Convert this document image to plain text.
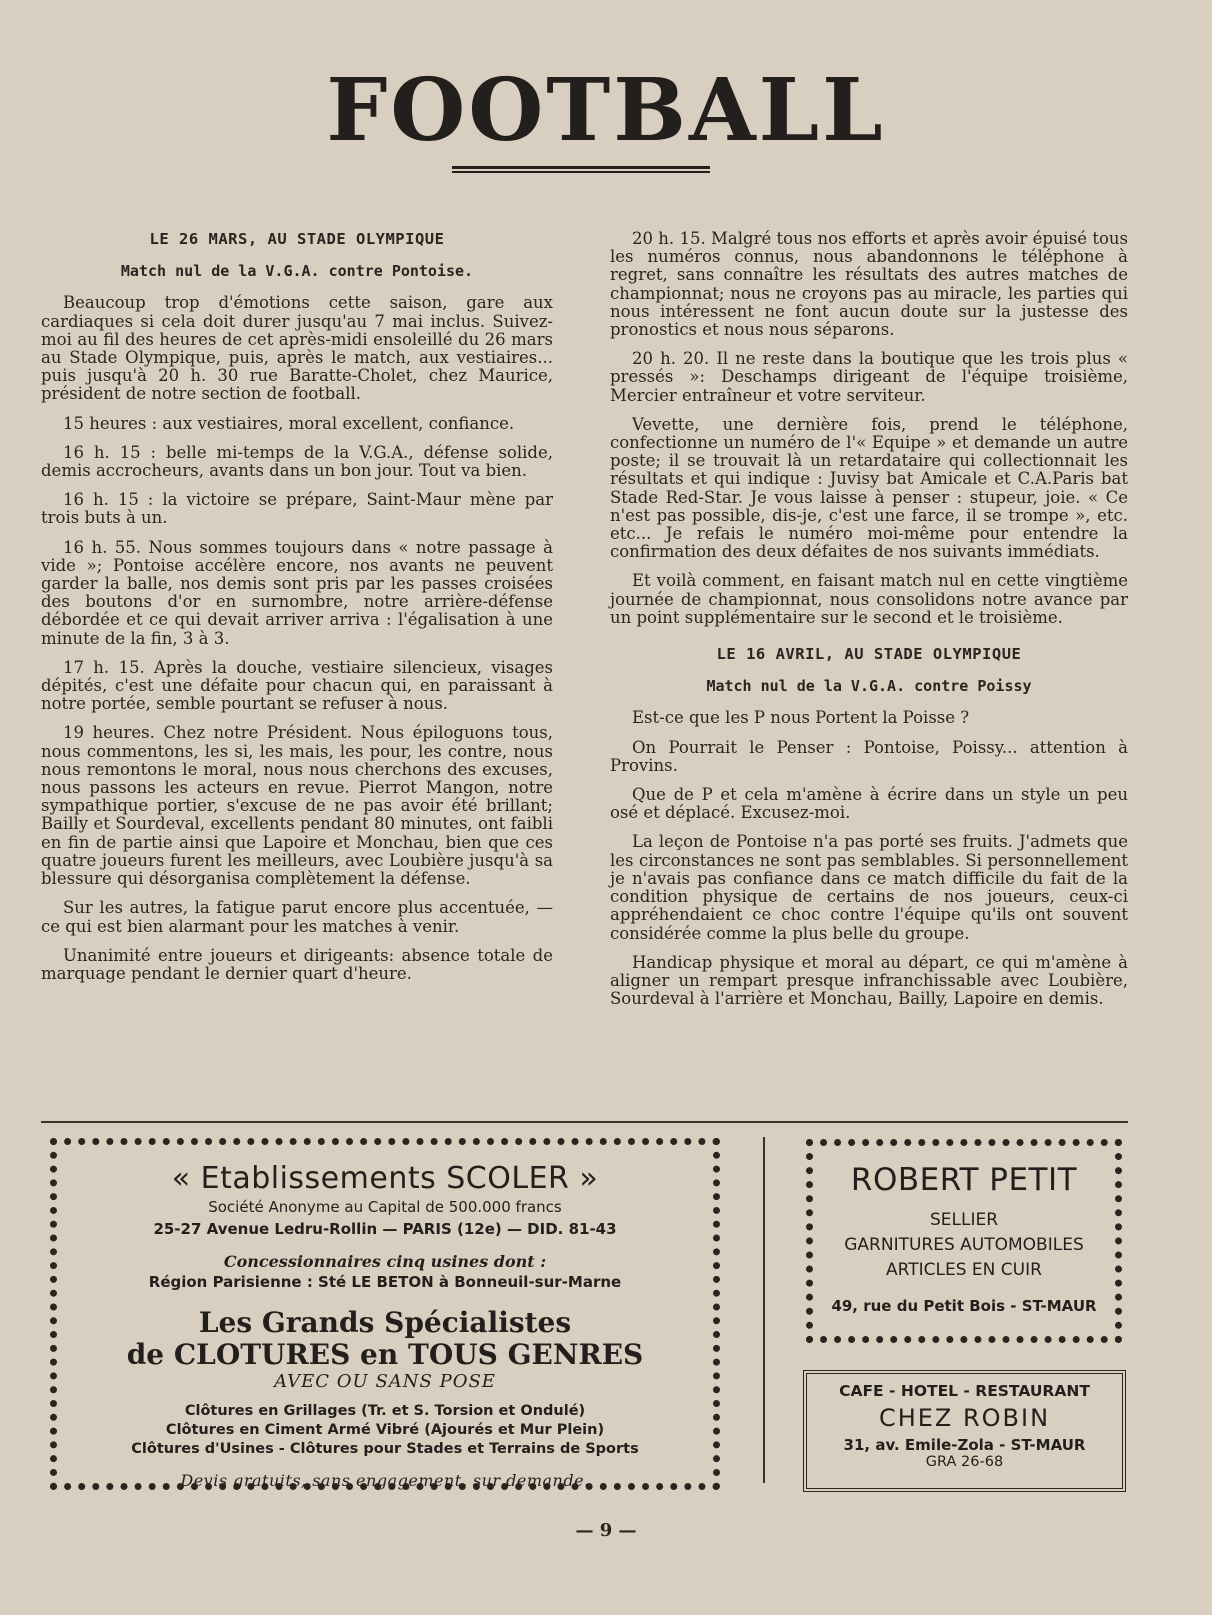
FOOTBALL

LE 26 MARS, AU STADE OLYMPIQUE

Match nul de la V.G.A. contre Pontoise.

Beaucoup trop d'émotions cette saison, gare aux cardiaques si cela doit durer jusqu'au 7 mai inclus. Suivez-moi au fil des heures de cet après-midi ensoleillé du 26 mars au Stade Olympique, puis, après le match, aux vestiaires... puis jusqu'à 20 h. 30 rue Baratte-Cholet, chez Maurice, président de notre section de football.

15 heures : aux vestiaires, moral excellent, confiance.

16 h. 15 : belle mi-temps de la V.G.A., défense solide, demis accrocheurs, avants dans un bon jour. Tout va bien.

16 h. 15 : la victoire se prépare, Saint-Maur mène par trois buts à un.

16 h. 55. Nous sommes toujours dans « notre passage à vide »; Pontoise accélère encore, nos avants ne peuvent garder la balle, nos demis sont pris par les passes croisées des boutons d'or en surnombre, notre arrière-défense débordée et ce qui devait arriver arriva : l'égalisation à une minute de la fin, 3 à 3.

17 h. 15. Après la douche, vestiaire silencieux, visages dépités, c'est une défaite pour chacun qui, en paraissant à notre portée, semble pourtant se refuser à nous.

19 heures. Chez notre Président. Nous épiloguons tous, nous commentons, les si, les mais, les pour, les contre, nous nous remontons le moral, nous nous cherchons des excuses, nous passons les acteurs en revue. Pierrot Mangon, notre sympathique portier, s'excuse de ne pas avoir été brillant; Bailly et Sourdeval, excellents pendant 80 minutes, ont faibli en fin de partie ainsi que Lapoire et Monchau, bien que ces quatre joueurs furent les meilleurs, avec Loubière jusqu'à sa blessure qui désorganisa complètement la défense.

Sur les autres, la fatigue parut encore plus accentuée, — ce qui est bien alarmant pour les matches à venir.

Unanimité entre joueurs et dirigeants: absence totale de marquage pendant le dernier quart d'heure.

20 h. 15. Malgré tous nos efforts et après avoir épuisé tous les numéros connus, nous abandonnons le téléphone à regret, sans connaître les résultats des autres matches de championnat; nous ne croyons pas au miracle, les parties qui nous intéressent ne font aucun doute sur la justesse des pronostics et nous nous séparons.

20 h. 20. Il ne reste dans la boutique que les trois plus « pressés »: Deschamps dirigeant de l'équipe troisième, Mercier entraîneur et votre serviteur.

Vevette, une dernière fois, prend le téléphone, confectionne un numéro de l'« Equipe » et demande un autre poste; il se trouvait là un retardataire qui collectionnait les résultats et qui indique : Juvisy bat Amicale et C.A.Paris bat Stade Red-Star. Je vous laisse à penser : stupeur, joie. « Ce n'est pas possible, dis-je, c'est une farce, il se trompe », etc. etc... Je refais le numéro moi-même pour entendre la confirmation des deux défaites de nos suivants immédiats.

Et voilà comment, en faisant match nul en cette vingtième journée de championnat, nous consolidons notre avance par un point supplémentaire sur le second et le troisième.

LE 16 AVRIL, AU STADE OLYMPIQUE

Match nul de la V.G.A. contre Poissy

Est-ce que les P nous Portent la Poisse ?

On Pourrait le Penser : Pontoise, Poissy... attention à Provins.

Que de P et cela m'amène à écrire dans un style un peu osé et déplacé. Excusez-moi.

La leçon de Pontoise n'a pas porté ses fruits. J'admets que les circonstances ne sont pas semblables. Si personnellement je n'avais pas confiance dans ce match difficile du fait de la condition physique de certains de nos joueurs, ceux-ci appréhendaient ce choc contre l'équipe qu'ils ont souvent considérée comme la plus belle du groupe.

Handicap physique et moral au départ, ce qui m'amène à aligner un rempart presque infranchissable avec Loubière, Sourdeval à l'arrière et Monchau, Bailly, Lapoire en demis.

« Etablissements SCOLER »
Société Anonyme au Capital de 500.000 francs
25-27 Avenue Ledru-Rollin — PARIS (12e) — DID. 81-43
Concessionnaires cinq usines dont :
Région Parisienne : Sté LE BETON à Bonneuil-sur-Marne
Les Grands Spécialistes
de CLOTURES en TOUS GENRES
AVEC OU SANS POSE
Clôtures en Grillages (Tr. et S. Torsion et Ondulé)
Clôtures en Ciment Armé Vibré (Ajourés et Mur Plein)
Clôtures d'Usines - Clôtures pour Stades et Terrains de Sports
Devis gratuits, sans engagement, sur demande.
ROBERT PETIT
SELLIER
GARNITURES AUTOMOBILES
ARTICLES EN CUIR
49, rue du Petit Bois - ST-MAUR
CAFE - HOTEL - RESTAURANT
CHEZ ROBIN
31, av. Emile-Zola - ST-MAUR
GRA 26-68
— 9 —
